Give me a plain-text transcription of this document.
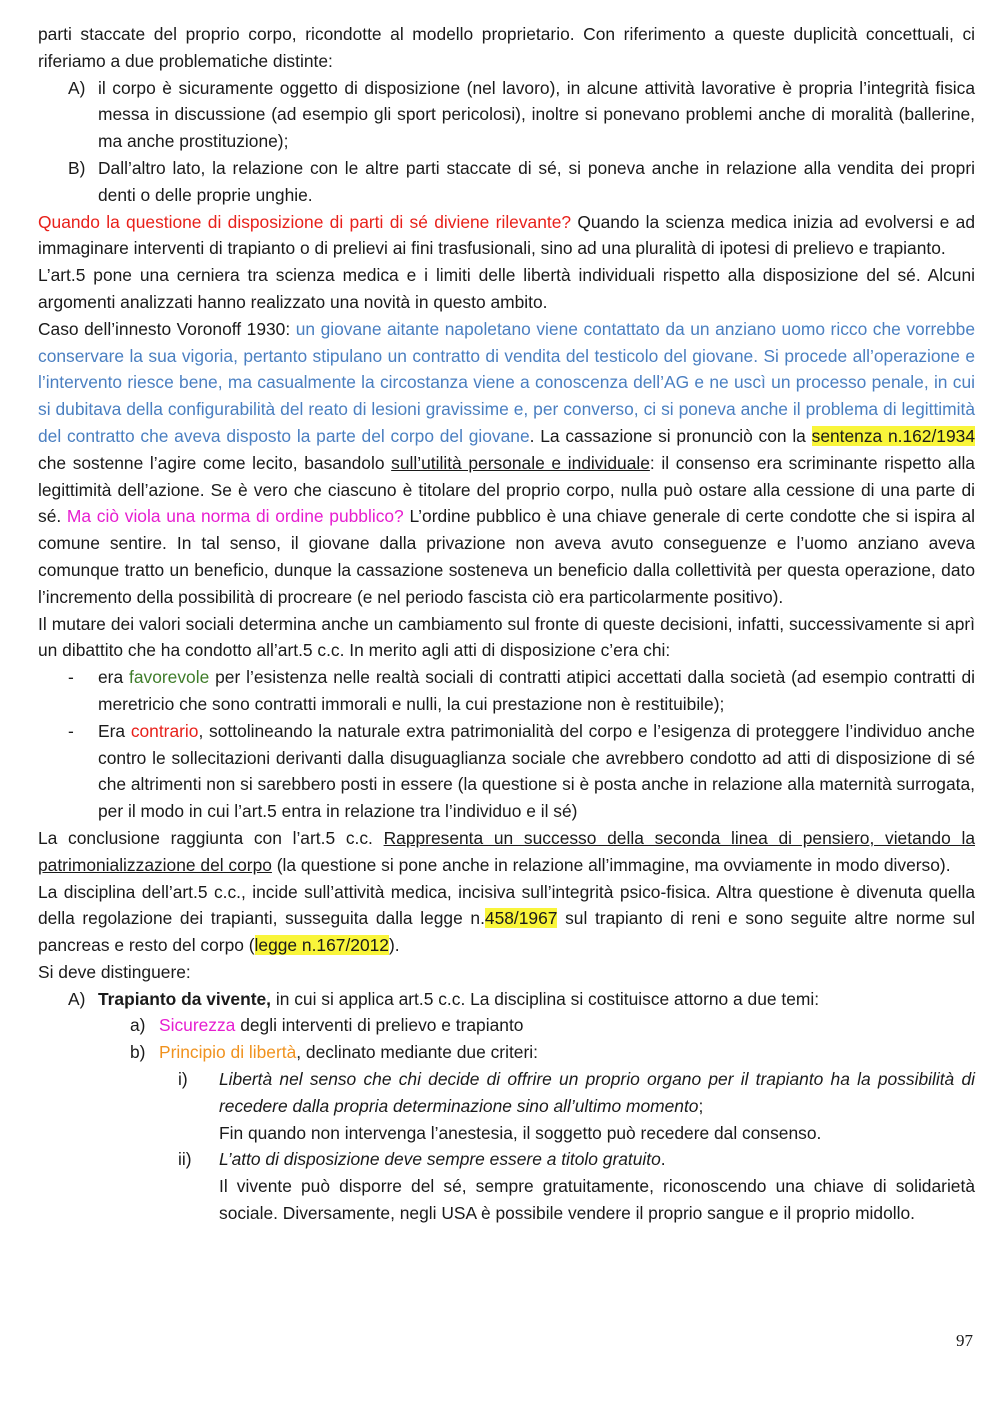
parti staccate del proprio corpo, ricondotte al modello proprietario. Con riferimento a queste duplicità concettuali, ci riferiamo a due problematiche distinte:

A) il corpo è sicuramente oggetto di disposizione (nel lavoro), in alcune attività lavorative è propria l’integrità fisica messa in discussione (ad esempio gli sport pericolosi), inoltre si ponevano problemi anche di moralità (ballerine, ma anche prostituzione);
B) Dall’altro lato, la relazione con le altre parti staccate di sé, si poneva anche in relazione alla vendita dei propri denti o delle proprie unghie.

Quando la questione di disposizione di parti di sé diviene rilevante? Quando la scienza medica inizia ad evolversi e ad immaginare interventi di trapianto o di prelievi ai fini trasfusionali, sino ad una pluralità di ipotesi di prelievo e trapianto.

L’art.5 pone una cerniera tra scienza medica e i limiti delle libertà individuali rispetto alla disposizione del sé. Alcuni argomenti analizzati hanno realizzato una novità in questo ambito.

Caso dell’innesto Voronoff 1930: un giovane aitante napoletano viene contattato da un anziano uomo ricco che vorrebbe conservare la sua vigoria, pertanto stipulano un contratto di vendita del testicolo del giovane. Si procede all’operazione e l’intervento riesce bene, ma casualmente la circostanza viene a conoscenza dell’AG e ne uscì un processo penale, in cui si dubitava della configurabilità del reato di lesioni gravissime e, per converso, ci si poneva anche il problema di legittimità del contratto che aveva disposto la parte del corpo del giovane. La cassazione si pronunciò con la sentenza n.162/1934 che sostenne l’agire come lecito, basandolo sull’utilità personale e individuale: il consenso era scriminante rispetto alla legittimità dell’azione. Se è vero che ciascuno è titolare del proprio corpo, nulla può ostare alla cessione di una parte di sé. Ma ciò viola una norma di ordine pubblico? L’ordine pubblico è una chiave generale di certe condotte che si ispira al comune sentire. In tal senso, il giovane dalla privazione non aveva avuto conseguenze e l’uomo anziano aveva comunque tratto un beneficio, dunque la cassazione sosteneva un beneficio dalla collettività per questa operazione, dato l’incremento della possibilità di procreare (e nel periodo fascista ciò era particolarmente positivo).

Il mutare dei valori sociali determina anche un cambiamento sul fronte di queste decisioni, infatti, successivamente si aprì un dibattito che ha condotto all’art.5 c.c. In merito agli atti di disposizione c’era chi:

-	era favorevole per l’esistenza nelle realtà sociali di contratti atipici accettati dalla società (ad esempio contratti di meretricio che sono contratti immorali e nulli, la cui prestazione non è restituibile);
-	Era contrario, sottolineando la naturale extra patrimonialità del corpo e l’esigenza di proteggere l’individuo anche contro le sollecitazioni derivanti dalla disuguaglianza sociale che avrebbero condotto ad atti di disposizione di sé che altrimenti non si sarebbero posti in essere (la questione si è posta anche in relazione alla maternità surrogata, per il modo in cui l’art.5 entra in relazione tra l’individuo e il sé)

La conclusione raggiunta con l’art.5 c.c. Rappresenta un successo della seconda linea di pensiero, vietando la patrimonializzazione del corpo (la questione si pone anche in relazione all’immagine, ma ovviamente in modo diverso).

La disciplina dell’art.5 c.c., incide sull’attività medica, incisiva sull’integrità psico-fisica. Altra questione è divenuta quella della regolazione dei trapianti, susseguita dalla legge n.458/1967 sul trapianto di reni e sono seguite altre norme sul pancreas e resto del corpo (legge n.167/2012).

Si deve distinguere:

A) Trapianto da vivente, in cui si applica art.5 c.c. La disciplina si costituisce attorno a due temi:
a) Sicurezza degli interventi di prelievo e trapianto
b) Principio di libertà, declinato mediante due criteri:
i)	Libertà nel senso che chi decide di offrire un proprio organo per il trapianto ha la possibilità di recedere dalla propria determinazione sino all’ultimo momento;

Fin quando non intervenga l’anestesia, il soggetto può recedere dal consenso.

ii)	L’atto di disposizione deve sempre essere a titolo gratuito.

Il vivente può disporre del sé, sempre gratuitamente, riconoscendo una chiave di solidarietà sociale. Diversamente, negli USA è possibile vendere il proprio sangue e il proprio midollo.

97
